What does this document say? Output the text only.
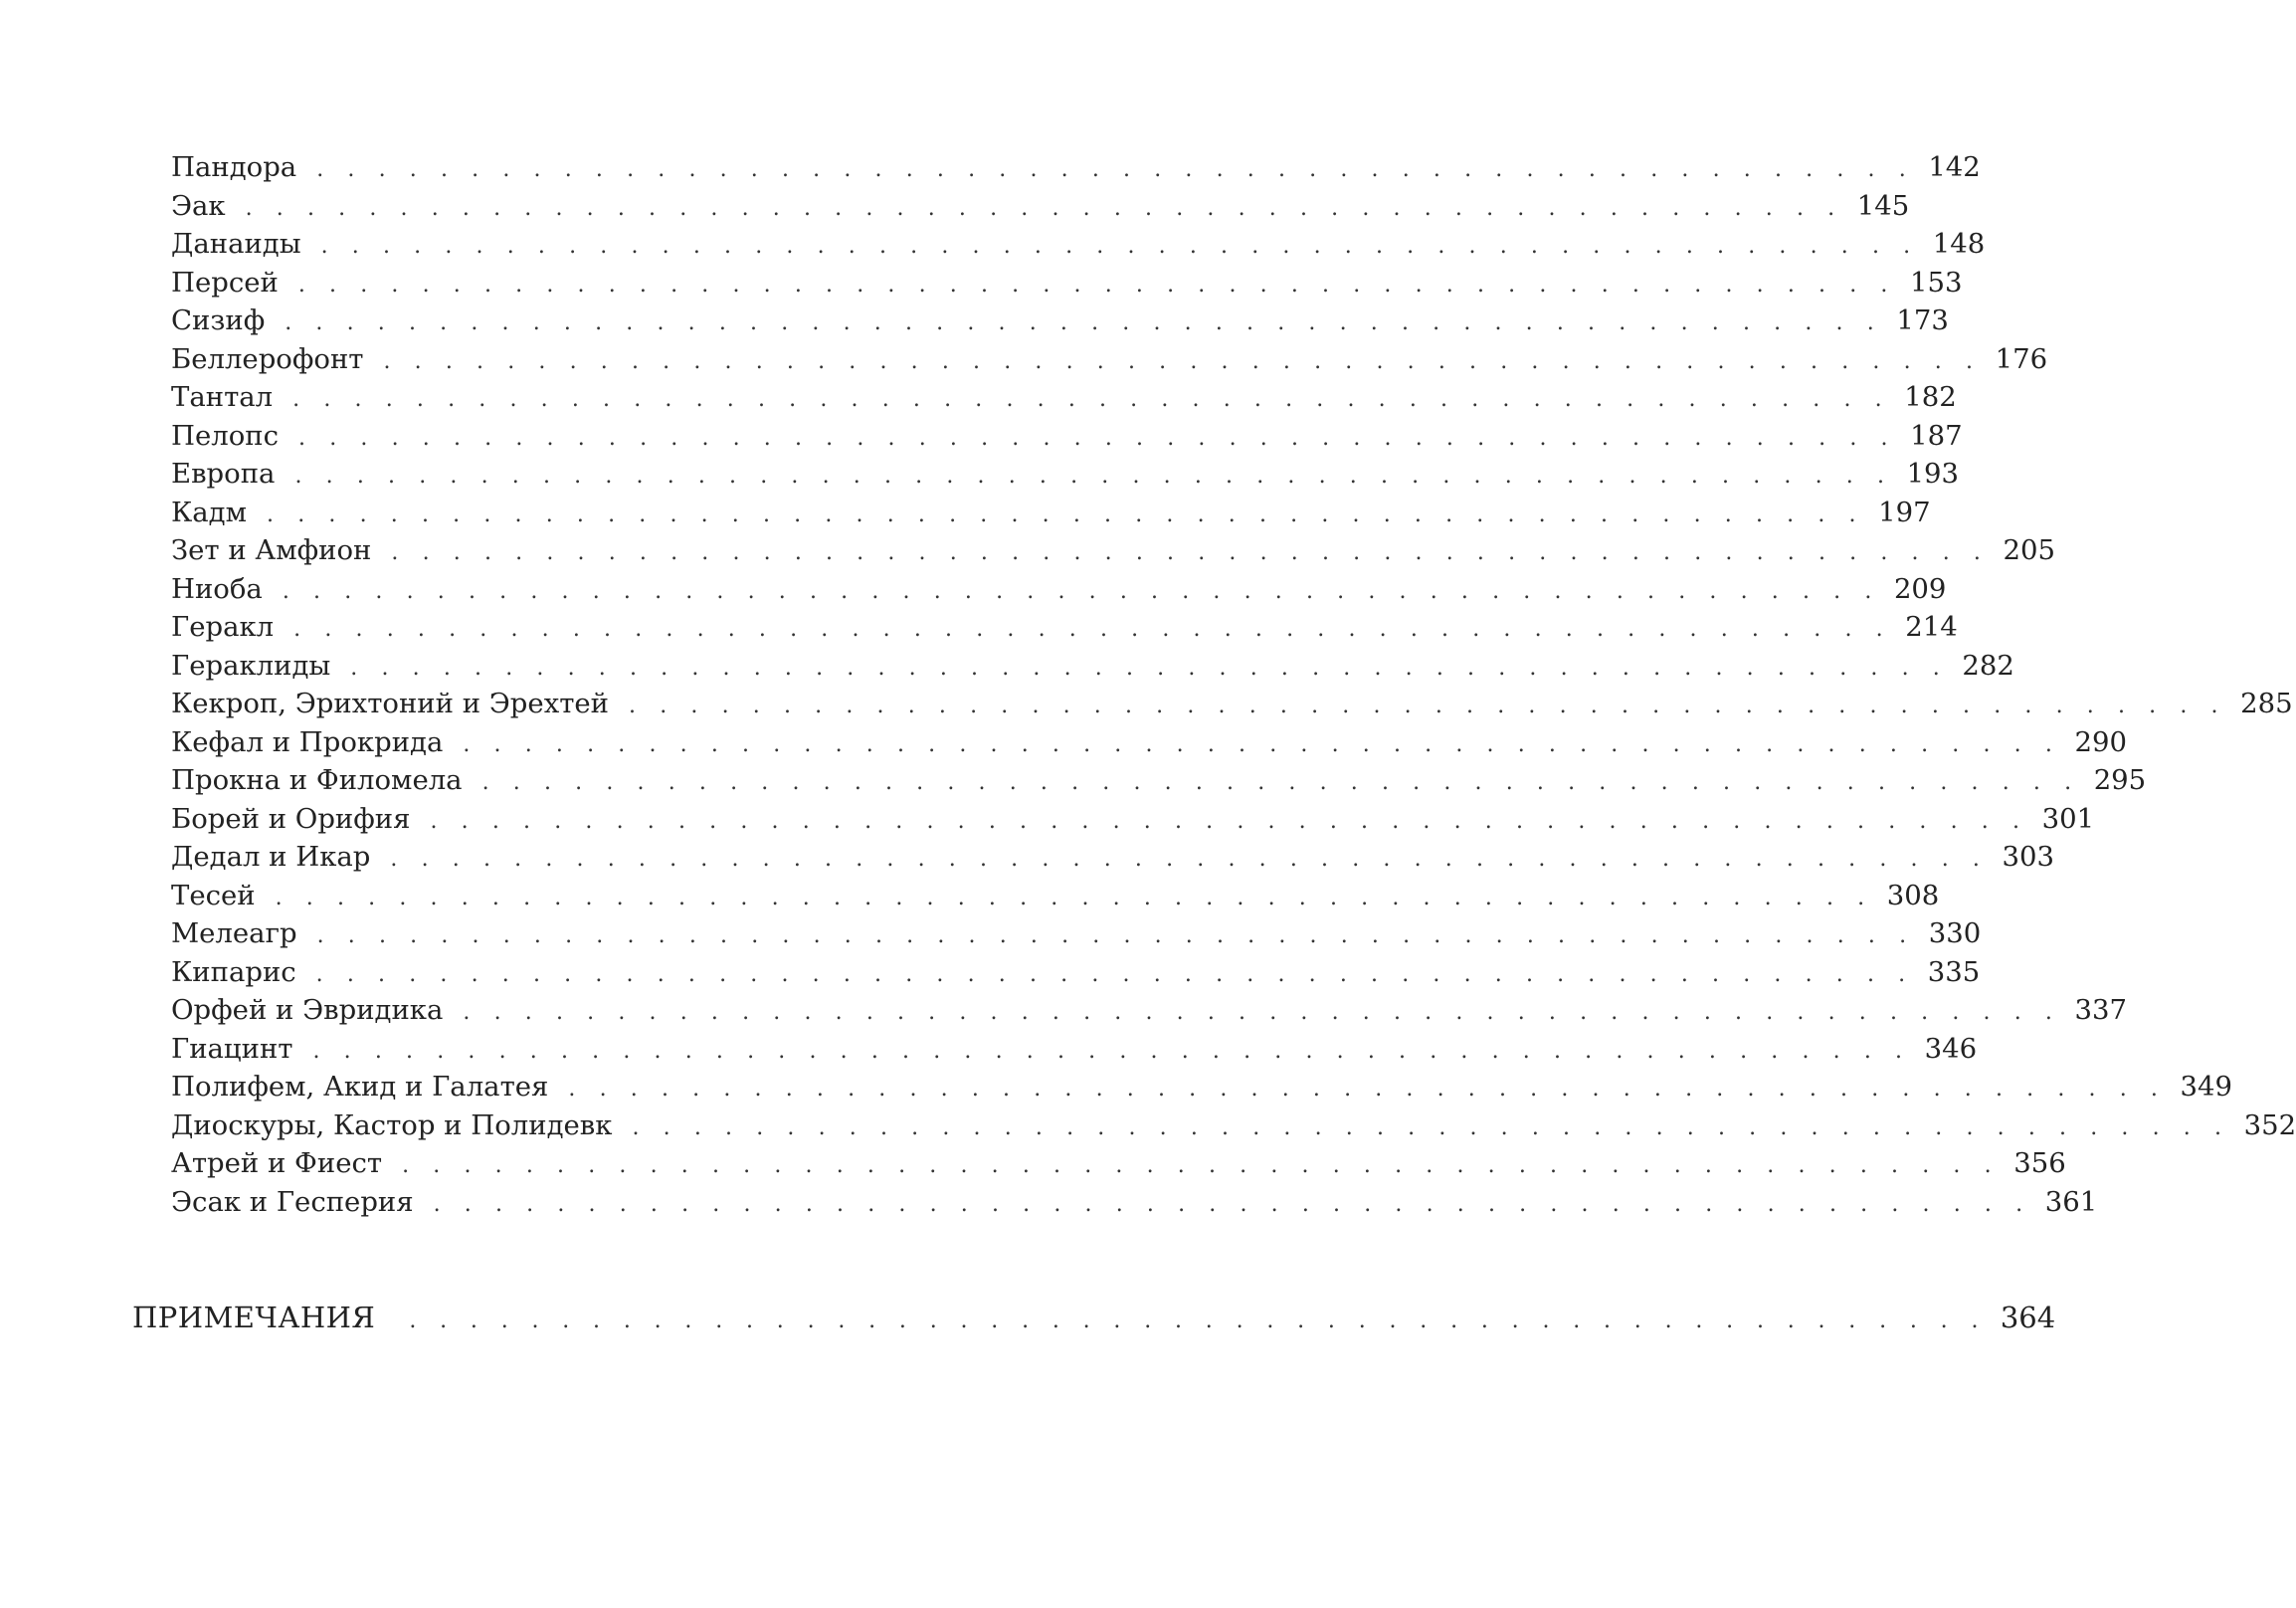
Пандора . . . . . . . . . . . . . . . . . . . . . . . . . . . . . . . . . . . . . . . . . . . . . . . . . . . . 142
Эак . . . . . . . . . . . . . . . . . . . . . . . . . . . . . . . . . . . . . . . . . . . . . . . . . . . . 145
Данаиды . . . . . . . . . . . . . . . . . . . . . . . . . . . . . . . . . . . . . . . . . . . . . . . . . . . . 148
Персей . . . . . . . . . . . . . . . . . . . . . . . . . . . . . . . . . . . . . . . . . . . . . . . . . . . . 153
Сизиф . . . . . . . . . . . . . . . . . . . . . . . . . . . . . . . . . . . . . . . . . . . . . . . . . . . . 173
Беллерофонт . . . . . . . . . . . . . . . . . . . . . . . . . . . . . . . . . . . . . . . . . . . . . . . . . . . . 176
Тантал . . . . . . . . . . . . . . . . . . . . . . . . . . . . . . . . . . . . . . . . . . . . . . . . . . . . 182
Пелопс . . . . . . . . . . . . . . . . . . . . . . . . . . . . . . . . . . . . . . . . . . . . . . . . . . . . 187
Европа . . . . . . . . . . . . . . . . . . . . . . . . . . . . . . . . . . . . . . . . . . . . . . . . . . . . 193
Кадм . . . . . . . . . . . . . . . . . . . . . . . . . . . . . . . . . . . . . . . . . . . . . . . . . . . . 197
Зет и Амфион . . . . . . . . . . . . . . . . . . . . . . . . . . . . . . . . . . . . . . . . . . . . . . . . . . . . 205
Ниоба . . . . . . . . . . . . . . . . . . . . . . . . . . . . . . . . . . . . . . . . . . . . . . . . . . . . 209
Геракл . . . . . . . . . . . . . . . . . . . . . . . . . . . . . . . . . . . . . . . . . . . . . . . . . . . . 214
Гераклиды . . . . . . . . . . . . . . . . . . . . . . . . . . . . . . . . . . . . . . . . . . . . . . . . . . . . 282
Кекроп, Эрихтоний и Эрехтей . . . . . . . . . . . . . . . . . . . . . . . . . . . . . . . . . . . . . . . . . . . . . . . . . . . . 285
Кефал и Прокрида . . . . . . . . . . . . . . . . . . . . . . . . . . . . . . . . . . . . . . . . . . . . . . . . . . . . 290
Прокна и Филомела . . . . . . . . . . . . . . . . . . . . . . . . . . . . . . . . . . . . . . . . . . . . . . . . . . . . 295
Борей и Орифия . . . . . . . . . . . . . . . . . . . . . . . . . . . . . . . . . . . . . . . . . . . . . . . . . . . . 301
Дедал и Икар . . . . . . . . . . . . . . . . . . . . . . . . . . . . . . . . . . . . . . . . . . . . . . . . . . . . 303
Тесей . . . . . . . . . . . . . . . . . . . . . . . . . . . . . . . . . . . . . . . . . . . . . . . . . . . . 308
Мелеагр . . . . . . . . . . . . . . . . . . . . . . . . . . . . . . . . . . . . . . . . . . . . . . . . . . . . 330
Кипарис . . . . . . . . . . . . . . . . . . . . . . . . . . . . . . . . . . . . . . . . . . . . . . . . . . . . 335
Орфей и Эвридика . . . . . . . . . . . . . . . . . . . . . . . . . . . . . . . . . . . . . . . . . . . . . . . . . . . . 337
Гиацинт . . . . . . . . . . . . . . . . . . . . . . . . . . . . . . . . . . . . . . . . . . . . . . . . . . . . 346
Полифем, Акид и Галатея . . . . . . . . . . . . . . . . . . . . . . . . . . . . . . . . . . . . . . . . . . . . . . . . . . . . 349
Диоскуры, Кастор и Полидевк . . . . . . . . . . . . . . . . . . . . . . . . . . . . . . . . . . . . . . . . . . . . . . . . . . . . 352
Атрей и Фиест . . . . . . . . . . . . . . . . . . . . . . . . . . . . . . . . . . . . . . . . . . . . . . . . . . . . 356
Эсак и Гесперия . . . . . . . . . . . . . . . . . . . . . . . . . . . . . . . . . . . . . . . . . . . . . . . . . . . . 361
ПРИМЕЧАНИЯ	. . . . . . . . . . . . . . . . . . . . . . . . . . . . . . . . . . . . . . . . . . . . . . . . . . . . 364
